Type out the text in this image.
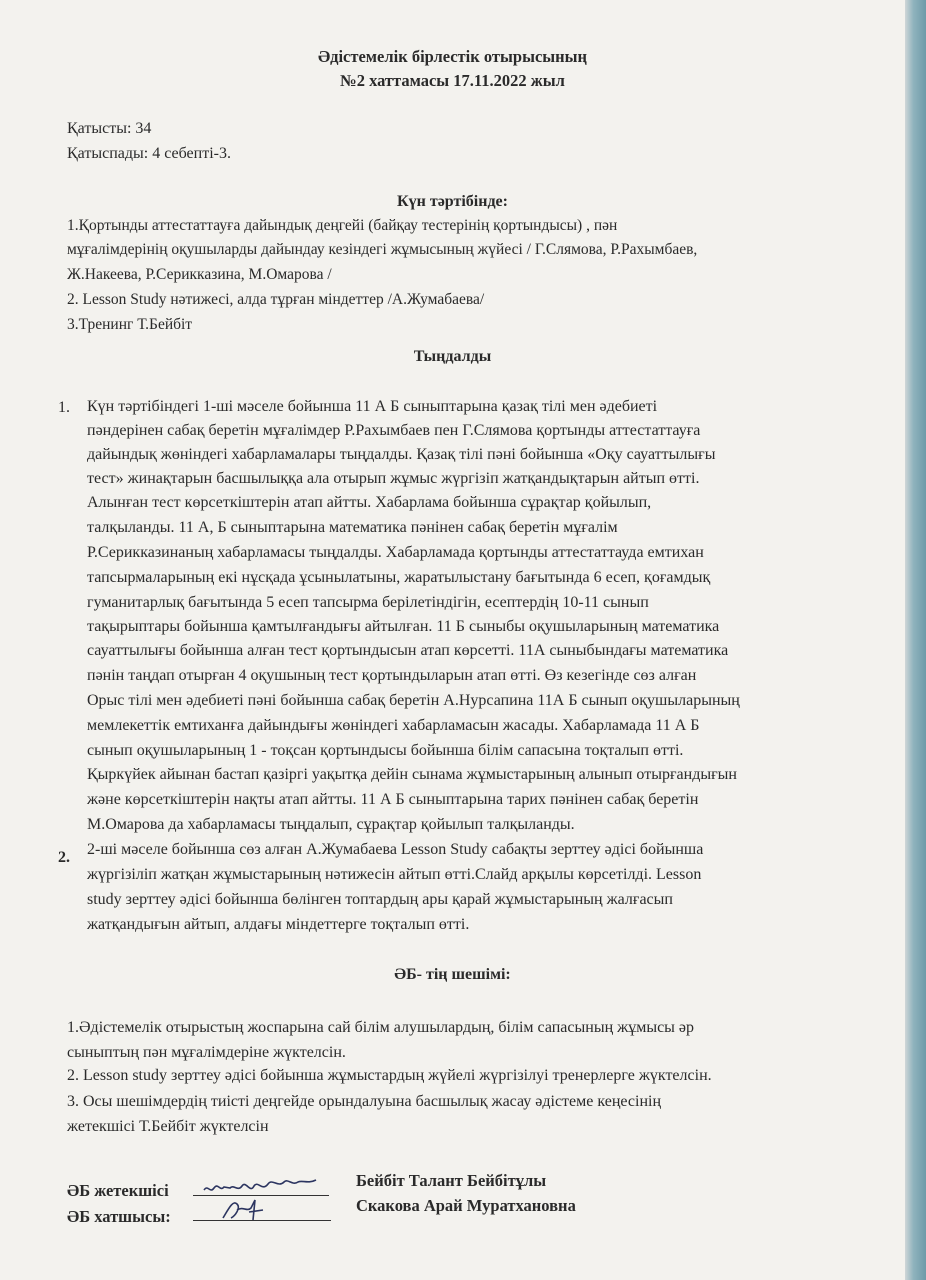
Әдістемелік бірлестік отырысының
№2 хаттамасы 17.11.2022 жыл
Қатысты: 34
Қатыспады: 4 себепті-3.
Күн тәртібінде:
1.Қортынды аттестаттауға дайындық деңгейі (байқау тестерінің қортындысы) , пән
мұғалімдерінің оқушыларды дайындау кезіндегі жұмысының жүйесі / Г.Слямова, Р.Рахымбаев,
Ж.Накеева, Р.Серикказина, М.Омарова /
2. Lesson Study нәтижесі, алда тұрған міндеттер /А.Жумабаева/
3.Тренинг Т.Бейбіт
Тыңдалды
1. Күн тәртібіндегі 1-ші мәселе бойынша 11 А Б сыныптарына қазақ тілі мен әдебиеті
пәндерінен сабақ беретін мұғалімдер Р.Рахымбаев пен Г.Слямова қортынды аттестаттауға
дайындық жөніндегі хабарламалары тыңдалды. Қазақ тілі пәні бойынша «Оқу сауаттылығы
тест» жинақтарын басшылыққа ала отырып жұмыс жүргізіп жатқандықтарын айтып өтті.
Алынған тест көрсеткіштерін атап айтты. Хабарлама бойынша сұрақтар қойылып,
талқыланды. 11 А, Б сыныптарына математика пәнінен сабақ беретін мұғалім
Р.Серикказинаның хабарламасы тыңдалды. Хабарламада қортынды аттестаттауда емтихан
тапсырмаларының екі нұсқада ұсынылатыны, жаратылыстану бағытында 6 есеп, қоғамдық
гуманитарлық бағытында 5 есеп тапсырма берілетіндігін, есептердің 10-11 сынып
тақырыптары бойынша қамтылғандығы айтылған. 11 Б сыныбы оқушыларының математика
сауаттылығы бойынша алған тест қортындысын атап көрсетті. 11А сыныбындағы математика
пәнін таңдап отырған 4 оқушының тест қортындыларын атап өтті. Өз кезегінде сөз алған
Орыс тілі мен әдебиеті пәні бойынша сабақ беретін А.Нурсапина 11А Б сынып оқушыларының
мемлекеттік емтиханға дайындығы жөніндегі хабарламасын жасады. Хабарламада 11 А Б
сынып оқушыларының 1 - тоқсан қортындысы бойынша білім сапасына тоқталып өтті.
Қыркүйек айынан бастап қазіргі уақытқа дейін сынама жұмыстарының алынып отырғандығын
және көрсеткіштерін нақты атап айтты. 11 А Б сыныптарына тарих пәнінен сабақ беретін
М.Омарова да хабарламасы тыңдалып, сұрақтар қойылып талқыланды.
2. 2-ші мәселе бойынша сөз алған А.Жумабаева Lesson Study сабақты зерттеу әдісі бойынша
жүргізіліп жатқан жұмыстарының нәтижесін айтып өтті.Слайд арқылы көрсетілді. Lesson
study зерттеу әдісі бойынша бөлінген топтардың ары қарай жұмыстарының жалғасып
жатқандығын айтып, алдағы міндеттерге тоқталып өтті.
ӘБ- тің шешімі:
1.Әдістемелік отырыстың жоспарына сай білім алушылардың, білім сапасының жұмысы әр
сыныптың пән мұғалімдеріне жүктелсін.
2. Lesson study зерттеу әдісі бойынша жұмыстардың жүйелі жүргізілуі тренерлерге жүктелсін.
3. Осы шешімдердің тиісті деңгейде орындалуына басшылық жасау әдістеме кеңесінің
жетекшісі Т.Бейбіт жүктелсін
ӘБ жетекшісі
Бейбіт Талант Бейбітұлы
ӘБ хатшысы:
Скакова Арай Муратхановна
